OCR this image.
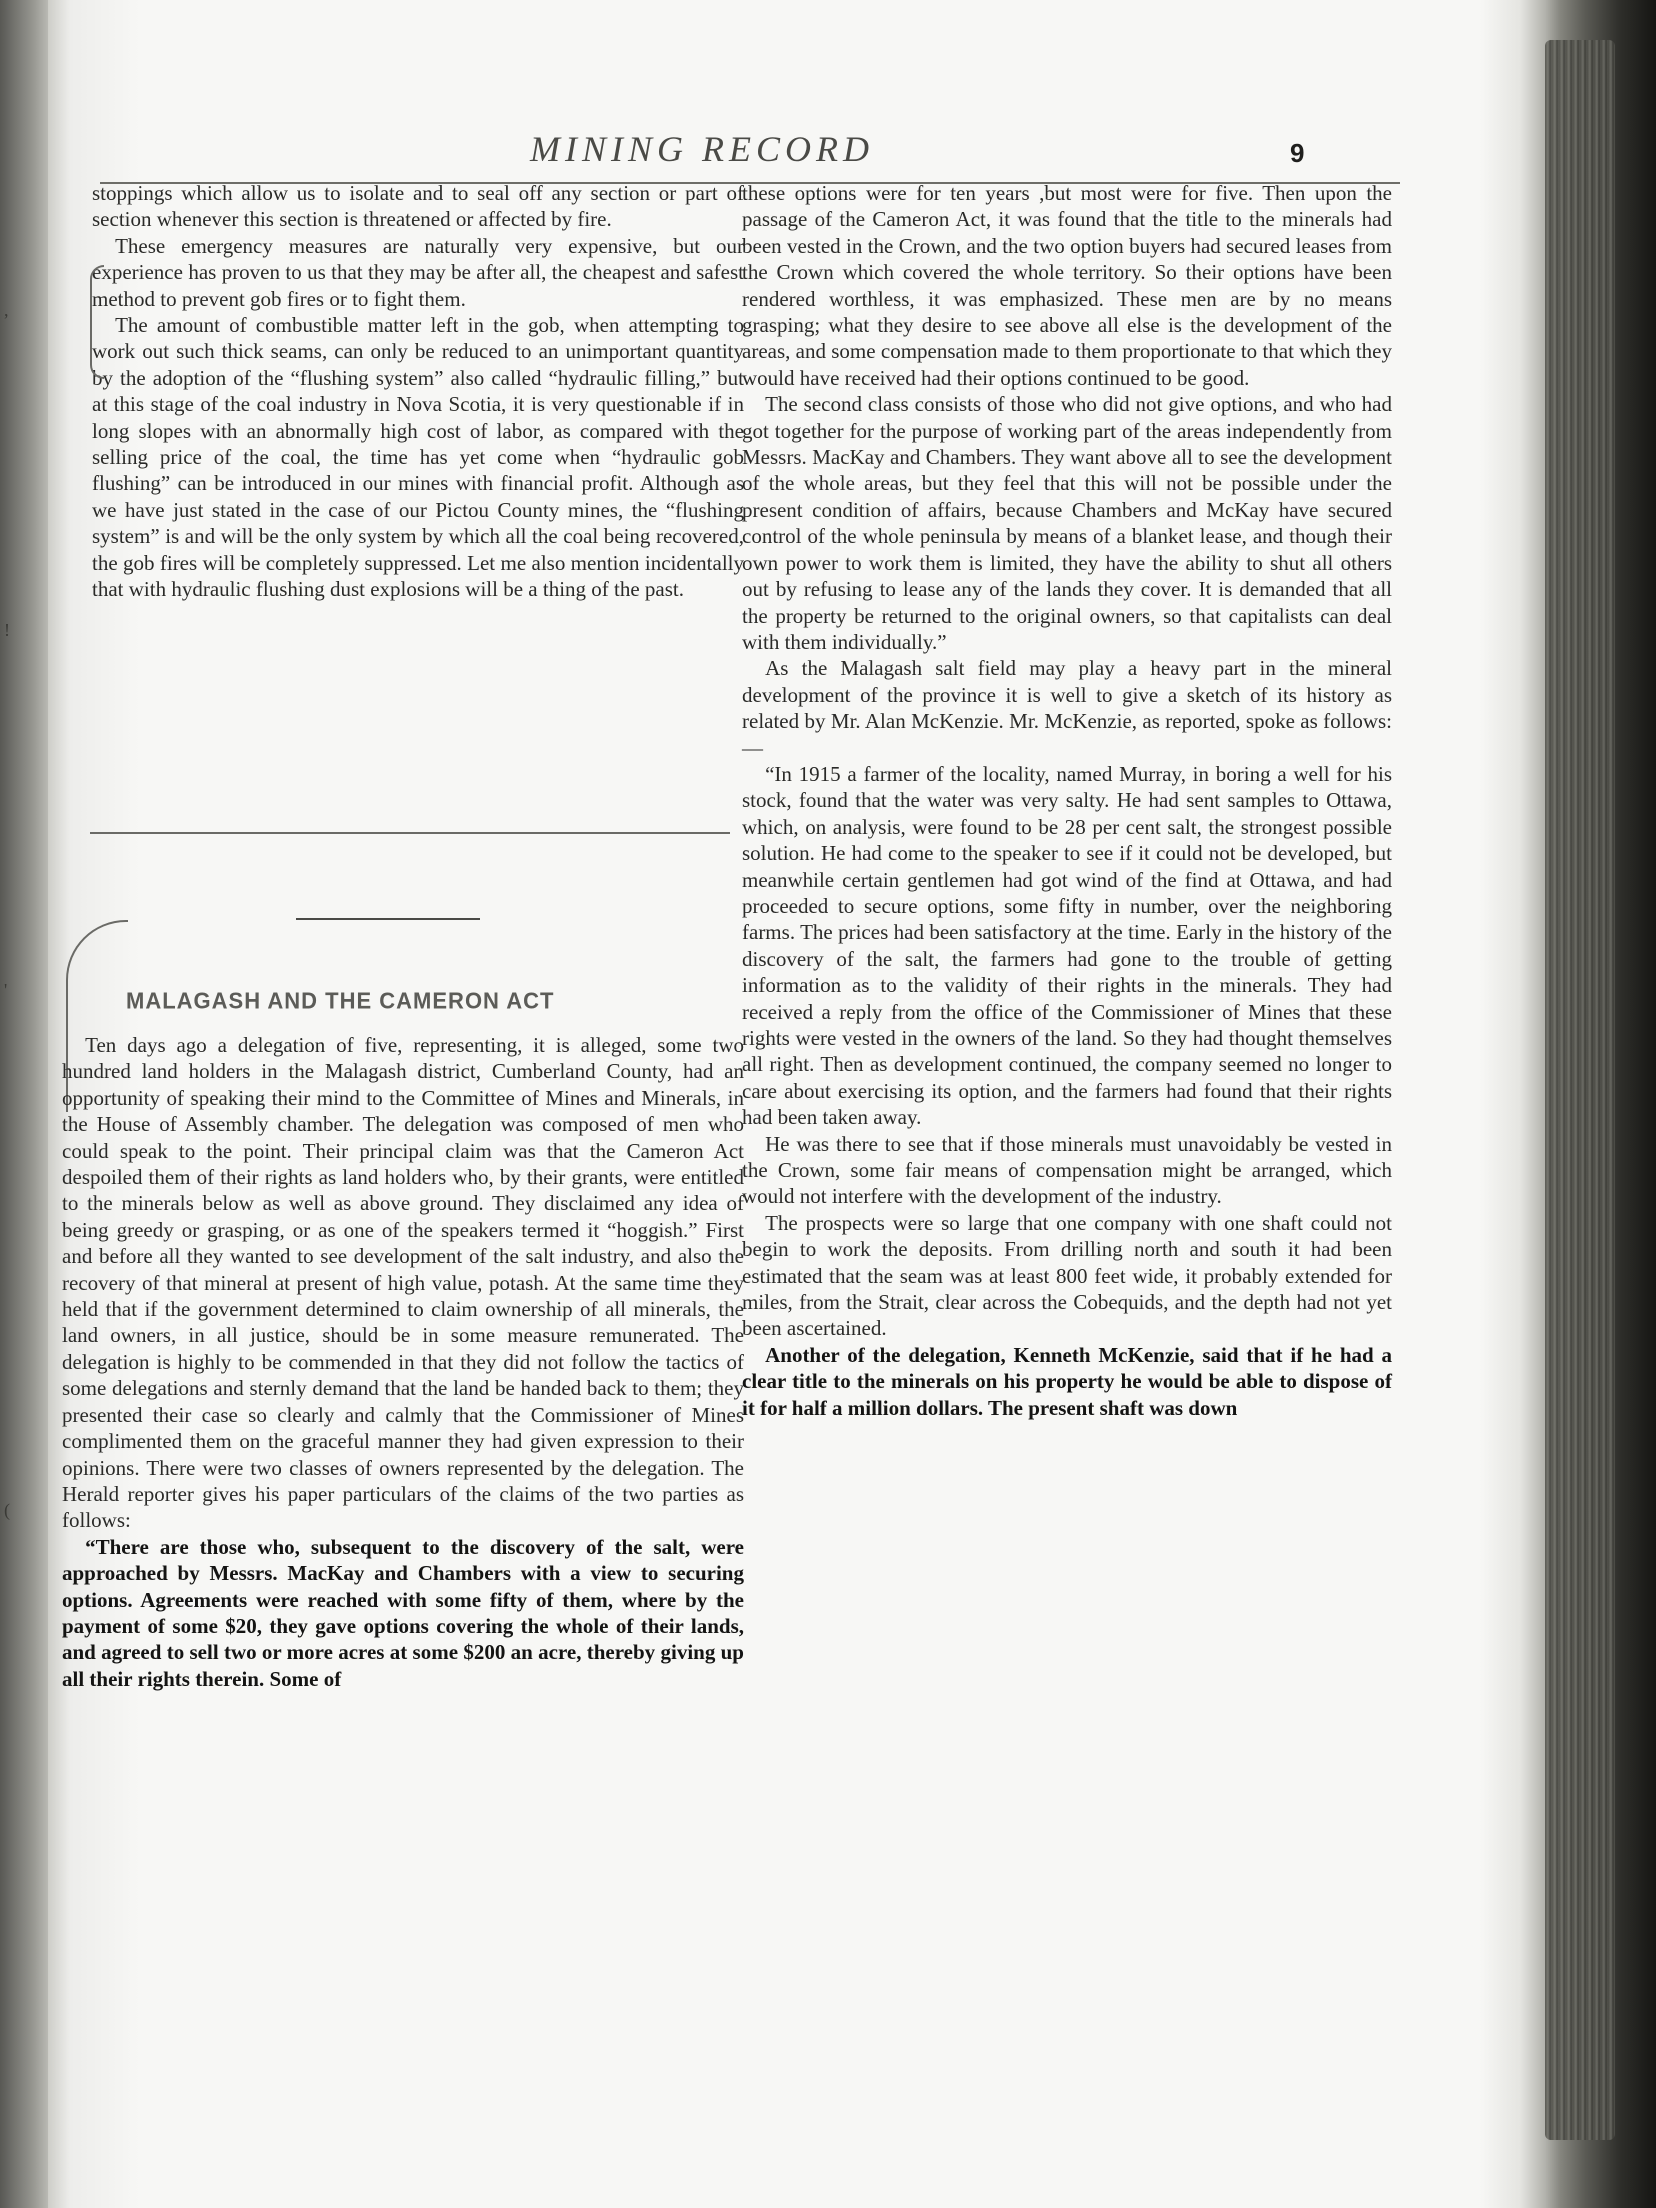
,
!
'
(
MINING RECORD	9

stoppings which allow us to isolate and to seal off any section or part of section whenever this section is threatened or affected by fire.

These emergency measures are naturally very expensive, but our experience has proven to us that they may be after all, the cheapest and safest method to prevent gob fires or to fight them.

The amount of combustible matter left in the gob, when attempting to work out such thick seams, can only be reduced to an unimportant quantity by the adoption of the “flushing system” also called “hydraulic filling,” but at this stage of the coal industry in Nova Scotia, it is very questionable if in long slopes with an abnormally high cost of labor, as compared with the selling price of the coal, the time has yet come when “hydraulic gob flushing” can be introduced in our mines with financial profit. Although as we have just stated in the case of our Pictou County mines, the “flushing system” is and will be the only system by which all the coal being recovered, the gob fires will be completely suppressed. Let me also mention incidentally that with hydraulic flushing dust explosions will be a thing of the past.

MALAGASH AND THE CAMERON ACT

Ten days ago a delegation of five, representing, it is alleged, some two hundred land holders in the Malagash district, Cumberland County, had an opportunity of speaking their mind to the Committee of Mines and Minerals, in the House of Assembly chamber. The delegation was composed of men who could speak to the point. Their principal claim was that the Cameron Act despoiled them of their rights as land holders who, by their grants, were entitled to the minerals below as well as above ground. They disclaimed any idea of being greedy or grasping, or as one of the speakers termed it “hoggish.” First and before all they wanted to see development of the salt industry, and also the recovery of that mineral at present of high value, potash. At the same time they held that if the government determined to claim ownership of all minerals, the land owners, in all justice, should be in some measure remunerated. The delegation is highly to be commended in that they did not follow the tactics of some delegations and sternly demand that the land be handed back to them; they presented their case so clearly and calmly that the Commissioner of Mines complimented them on the graceful manner they had given expression to their opinions. There were two classes of owners represented by the delegation. The Herald reporter gives his paper particulars of the claims of the two parties as follows:

“There are those who, subsequent to the discovery of the salt, were approached by Messrs. MacKay and Chambers with a view to securing options. Agreements were reached with some fifty of them, where by the payment of some $20, they gave options covering the whole of their lands, and agreed to sell two or more acres at some $200 an acre, thereby giving up all their rights therein. Some of

these options were for ten years ,but most were for five. Then upon the passage of the Cameron Act, it was found that the title to the minerals had been vested in the Crown, and the two option buyers had secured leases from the Crown which covered the whole territory. So their options have been rendered worthless, it was emphasized. These men are by no means grasping; what they desire to see above all else is the development of the areas, and some compensation made to them proportionate to that which they would have received had their options continued to be good.

The second class consists of those who did not give options, and who had got together for the purpose of working part of the areas independently from Messrs. MacKay and Chambers. They want above all to see the development of the whole areas, but they feel that this will not be possible under the present condition of affairs, because Chambers and McKay have secured control of the whole peninsula by means of a blanket lease, and though their own power to work them is limited, they have the ability to shut all others out by refusing to lease any of the lands they cover. It is demanded that all the property be returned to the original owners, so that capitalists can deal with them individually.”

As the Malagash salt field may play a heavy part in the mineral development of the province it is well to give a sketch of its history as related by Mr. Alan McKenzie. Mr. McKenzie, as reported, spoke as follows:—

“In 1915 a farmer of the locality, named Murray, in boring a well for his stock, found that the water was very salty. He had sent samples to Ottawa, which, on analysis, were found to be 28 per cent salt, the strongest possible solution. He had come to the speaker to see if it could not be developed, but meanwhile certain gentlemen had got wind of the find at Ottawa, and had proceeded to secure options, some fifty in number, over the neighboring farms. The prices had been satisfactory at the time. Early in the history of the discovery of the salt, the farmers had gone to the trouble of getting information as to the validity of their rights in the minerals. They had received a reply from the office of the Commissioner of Mines that these rights were vested in the owners of the land. So they had thought themselves all right. Then as development continued, the company seemed no longer to care about exercising its option, and the farmers had found that their rights had been taken away.

He was there to see that if those minerals must unavoidably be vested in the Crown, some fair means of compensation might be arranged, which would not interfere with the development of the industry.

The prospects were so large that one company with one shaft could not begin to work the deposits. From drilling north and south it had been estimated that the seam was at least 800 feet wide, it probably extended for miles, from the Strait, clear across the Cobequids, and the depth had not yet been ascertained.

Another of the delegation, Kenneth McKenzie, said that if he had a clear title to the minerals on his property he would be able to dispose of it for half a million dollars. The present shaft was down
